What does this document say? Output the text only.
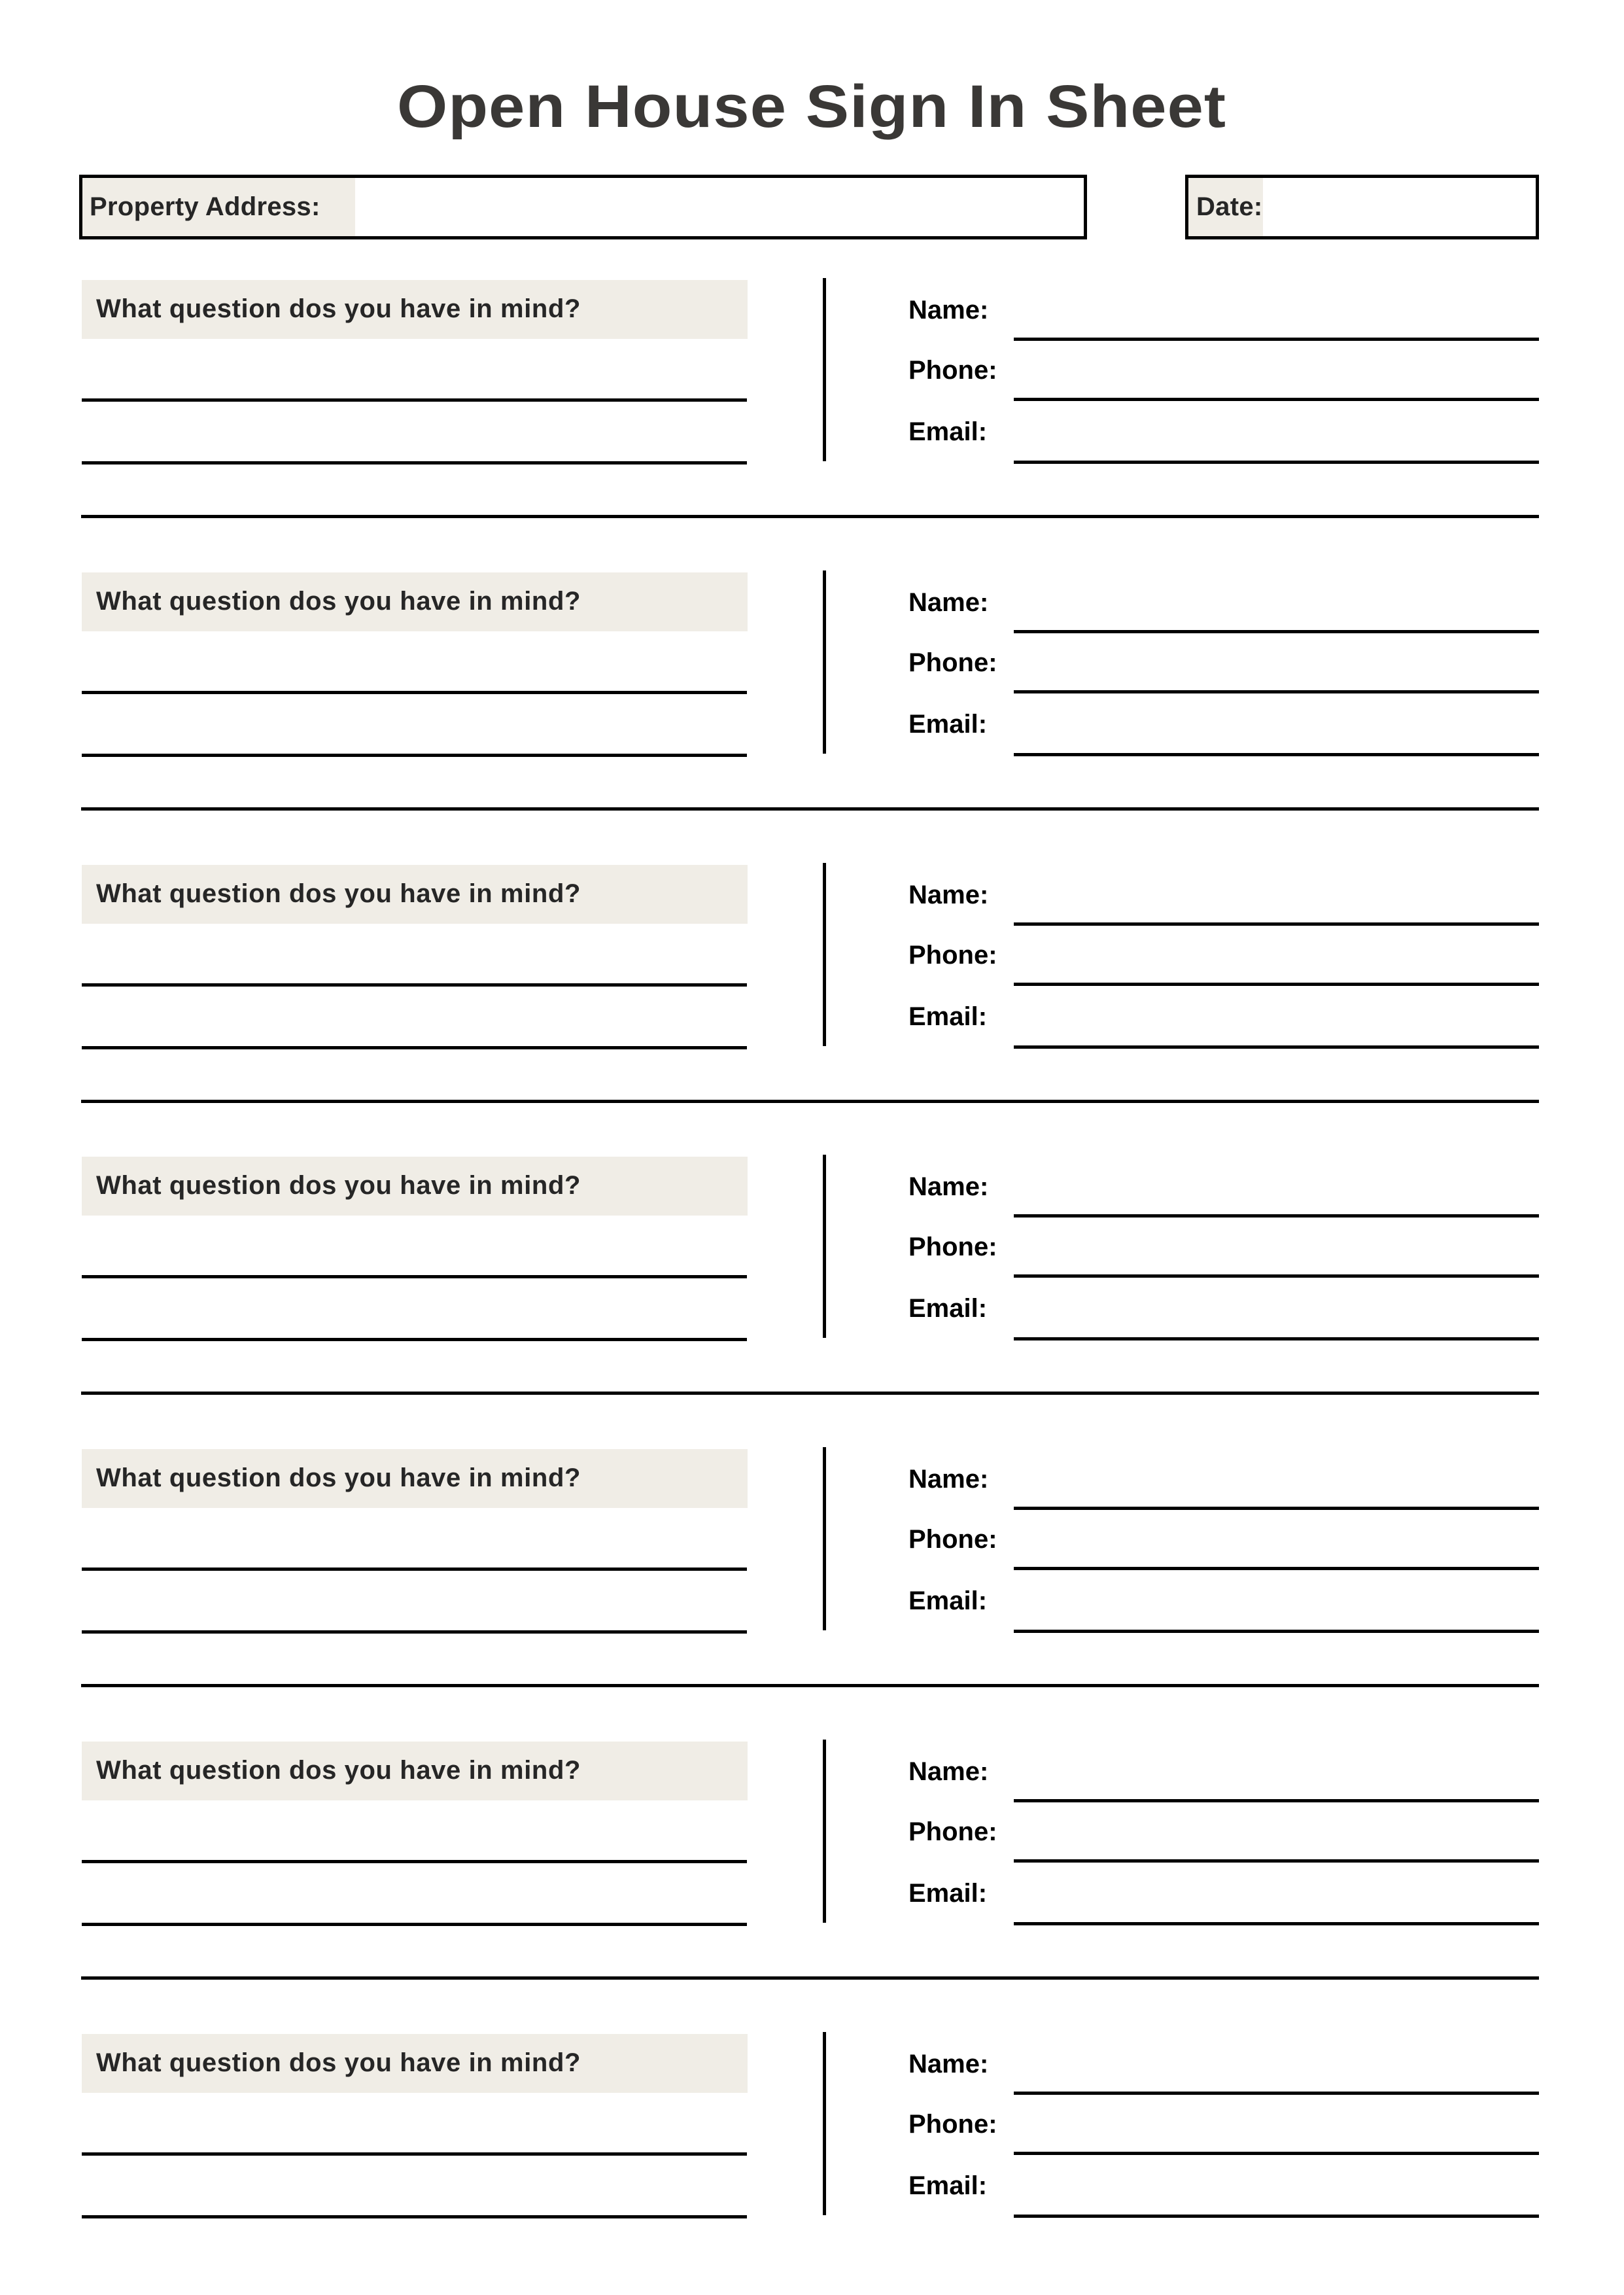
Open House Sign In Sheet
Property Address:	Date:
What question dos you have in mind?	Name:
Phone:
Email:
What question dos you have in mind?	Name:
Phone:
Email:
What question dos you have in mind?	Name:
Phone:
Email:
What question dos you have in mind?	Name:
Phone:
Email:
What question dos you have in mind?	Name:
Phone:
Email:
What question dos you have in mind?	Name:
Phone:
Email:
What question dos you have in mind?	Name:
Phone:
Email:
